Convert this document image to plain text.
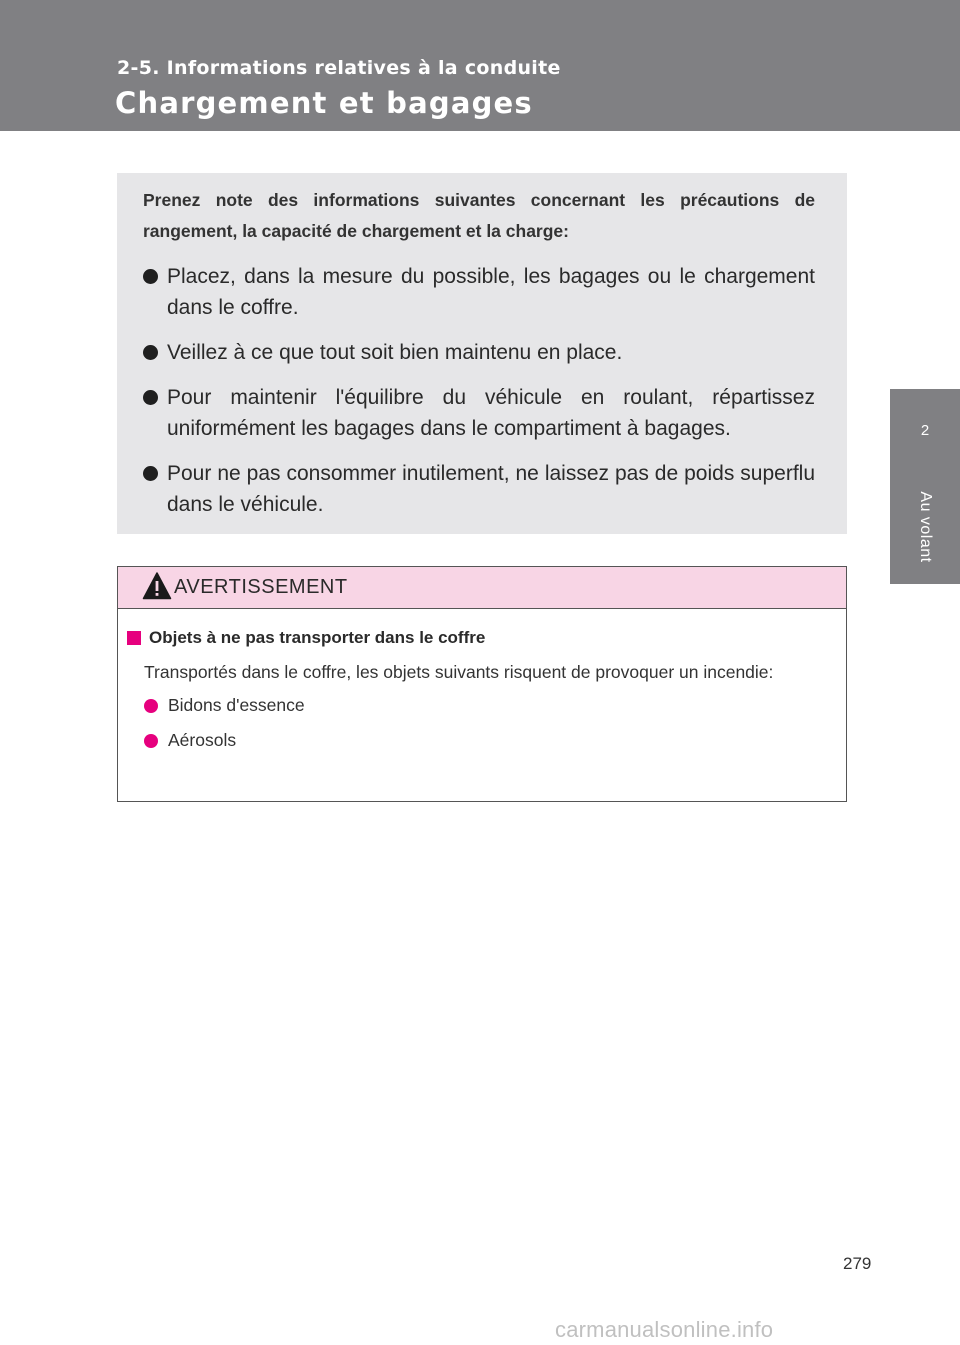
2-5. Informations relatives à la conduite
Chargement et bagages
2
Au volant

Prenez note des informations suivantes concernant les précautions de rangement, la capacité de chargement et la charge:

Placez, dans la mesure du possible, les bagages ou le chargement dans le coffre.
Veillez à ce que tout soit bien maintenu en place.
Pour maintenir l'équilibre du véhicule en roulant, répartissez uniformément les bagages dans le compartiment à bagages.
Pour ne pas consommer inutilement, ne laissez pas de poids superflu dans le véhicule.
AVERTISSEMENT
Objets à ne pas transporter dans le coffre

Transportés dans le coffre, les objets suivants risquent de provoquer un incendie:

Bidons d'essence
Aérosols
279
carmanualsonline.info
